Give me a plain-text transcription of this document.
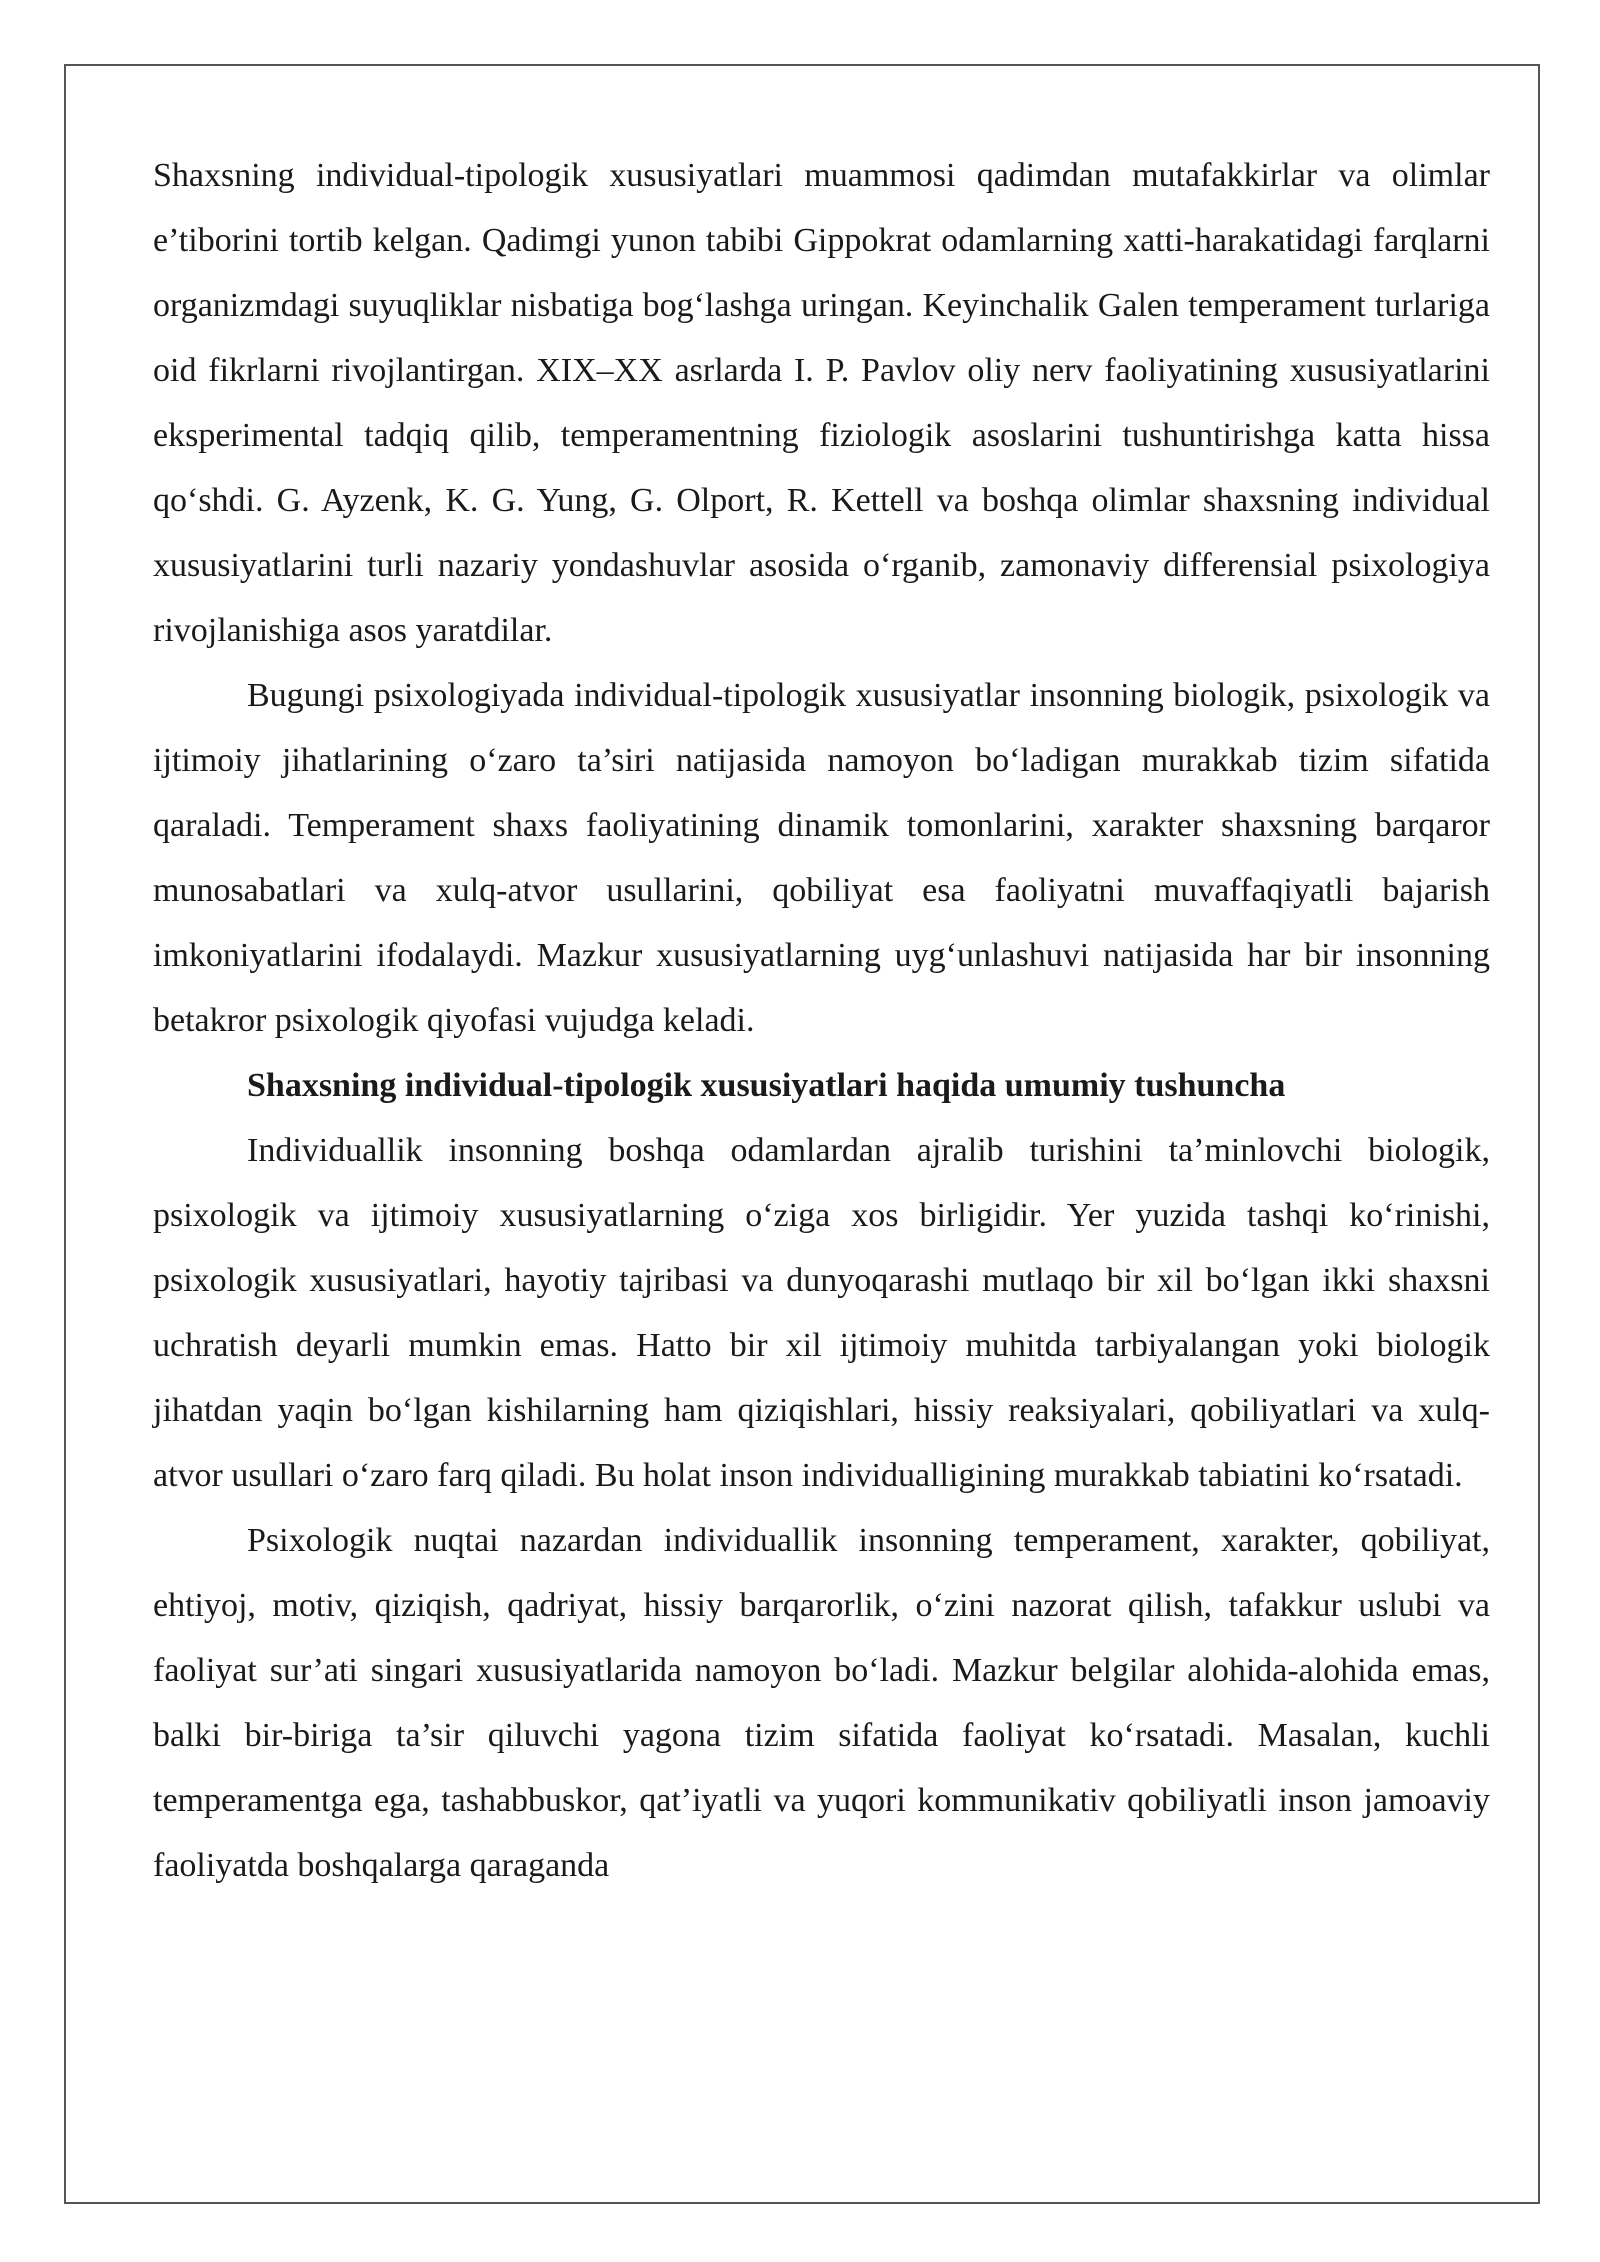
Shaxsning individual-tipologik xususiyatlari muammosi qadimdan mutafakkirlar va olimlar e’tiborini tortib kelgan. Qadimgi yunon tabibi Gippokrat odamlarning xatti-harakatidagi farqlarni organizmdagi suyuqliklar nisbatiga bog‘lashga uringan. Keyinchalik Galen temperament turlariga oid fikrlarni rivojlantirgan. XIX–XX asrlarda I. P. Pavlov oliy nerv faoliyatining xususiyatlarini eksperimental tadqiq qilib, temperamentning fiziologik asoslarini tushuntirishga katta hissa qo‘shdi. G. Ayzenk, K. G. Yung, G. Olport, R. Kettell va boshqa olimlar shaxsning individual xususiyatlarini turli nazariy yondashuvlar asosida o‘rganib, zamonaviy differensial psixologiya rivojlanishiga asos yaratdilar.

Bugungi psixologiyada individual-tipologik xususiyatlar insonning biologik, psixologik va ijtimoiy jihatlarining o‘zaro ta’siri natijasida namoyon bo‘ladigan murakkab tizim sifatida qaraladi. Temperament shaxs faoliyatining dinamik tomonlarini, xarakter shaxsning barqaror munosabatlari va xulq-atvor usullarini, qobiliyat esa faoliyatni muvaffaqiyatli bajarish imkoniyatlarini ifodalaydi. Mazkur xususiyatlarning uyg‘unlashuvi natijasida har bir insonning betakror psixologik qiyofasi vujudga keladi.

Shaxsning individual-tipologik xususiyatlari haqida umumiy tushuncha

Individuallik insonning boshqa odamlardan ajralib turishini ta’minlovchi biologik, psixologik va ijtimoiy xususiyatlarning o‘ziga xos birligidir. Yer yuzida tashqi ko‘rinishi, psixologik xususiyatlari, hayotiy tajribasi va dunyoqarashi mutlaqo bir xil bo‘lgan ikki shaxsni uchratish deyarli mumkin emas. Hatto bir xil ijtimoiy muhitda tarbiyalangan yoki biologik jihatdan yaqin bo‘lgan kishilarning ham qiziqishlari, hissiy reaksiyalari, qobiliyatlari va xulq-atvor usullari o‘zaro farq qiladi. Bu holat inson individualligining murakkab tabiatini ko‘rsatadi.

Psixologik nuqtai nazardan individuallik insonning temperament, xarakter, qobiliyat, ehtiyoj, motiv, qiziqish, qadriyat, hissiy barqarorlik, o‘zini nazorat qilish, tafakkur uslubi va faoliyat sur’ati singari xususiyatlarida namoyon bo‘ladi. Mazkur belgilar alohida-alohida emas, balki bir-biriga ta’sir qiluvchi yagona tizim sifatida faoliyat ko‘rsatadi. Masalan, kuchli temperamentga ega, tashabbuskor, qat’iyatli va yuqori kommunikativ qobiliyatli inson jamoaviy faoliyatda boshqalarga qaraganda
